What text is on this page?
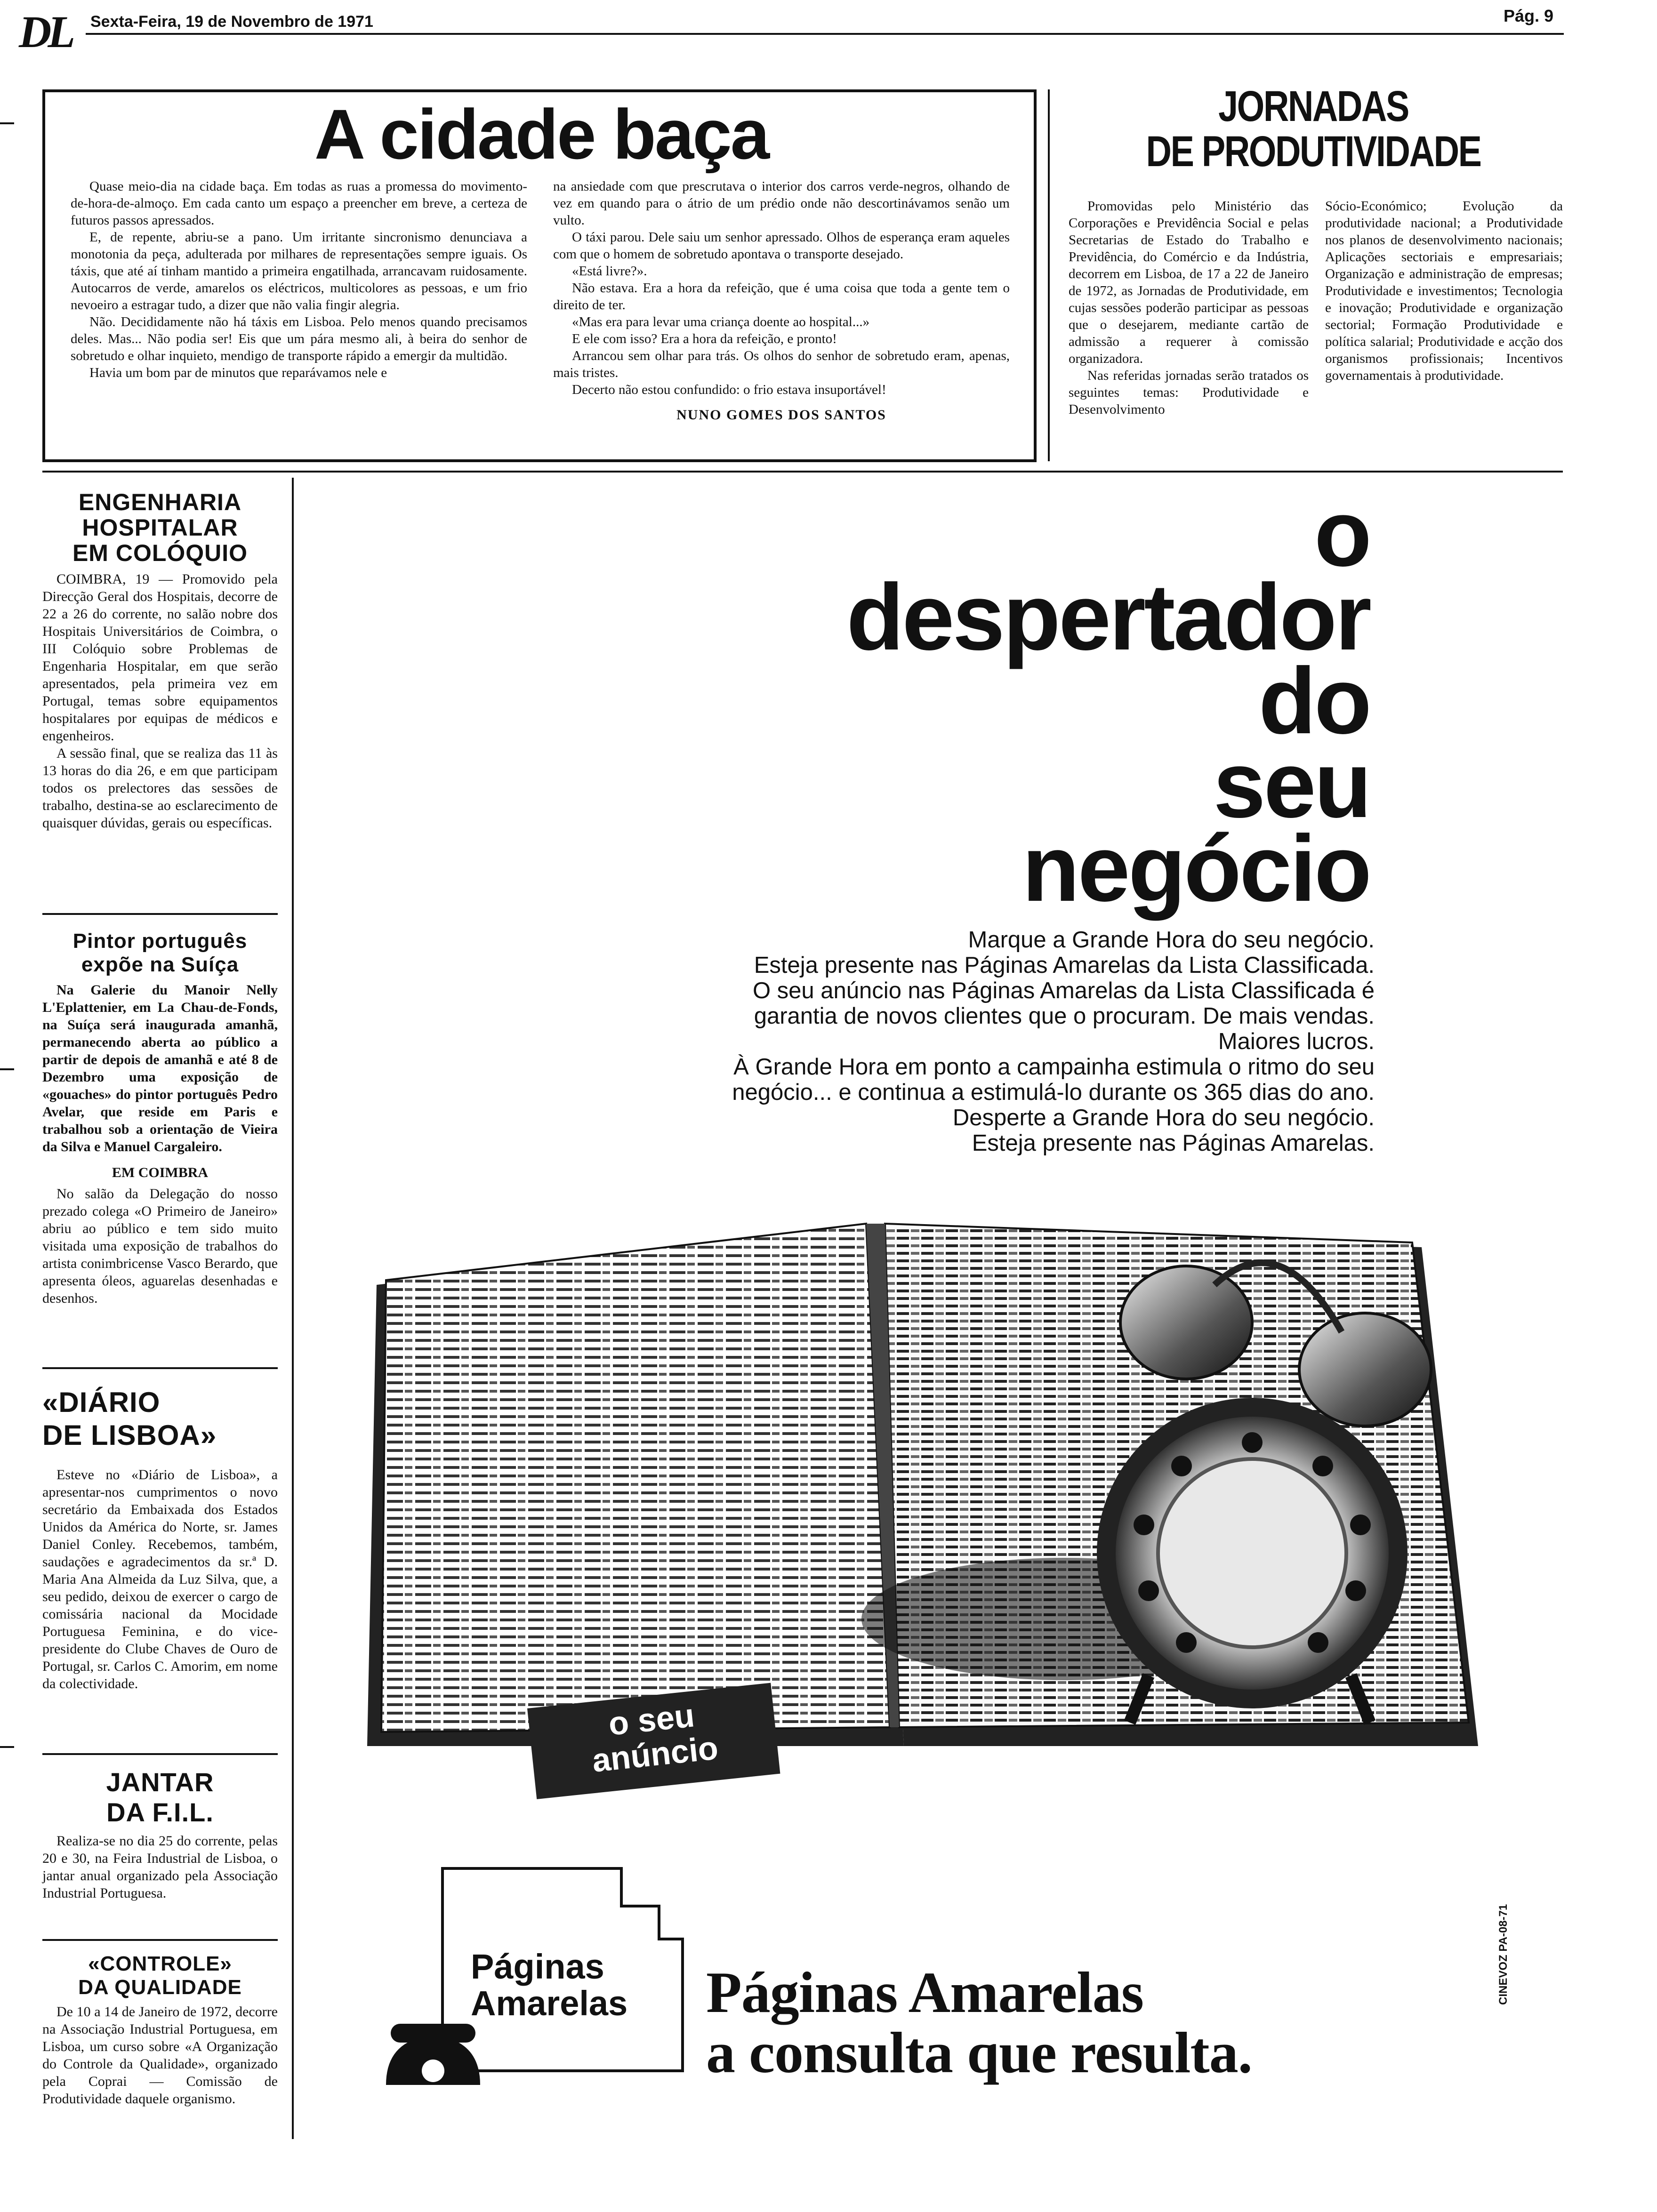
DL Sexta-Feira, 19 de Novembro de 1971	Pág. 9
A cidade baça

Quase meio-dia na cidade baça. Em todas as ruas a promessa do movimento-de-hora-de-almoço. Em cada canto um espaço a preencher em breve, a certeza de futuros passos apressados.

E, de repente, abriu-se a pano. Um irritante sincronismo denunciava a monotonia da peça, adulterada por milhares de representações sempre iguais. Os táxis, que até aí tinham mantido a primeira engatilhada, arrancavam ruidosamente. Autocarros de verde, amarelos os eléctricos, multicolores as pessoas, e um frio nevoeiro a estragar tudo, a dizer que não valia fingir alegria.

Não. Decididamente não há táxis em Lisboa. Pelo menos quando precisamos deles. Mas... Não podia ser! Eis que um pára mesmo ali, à beira do senhor de sobretudo e olhar inquieto, mendigo de transporte rápido a emergir da multidão.

Havia um bom par de minutos que reparávamos nele e

na ansiedade com que prescrutava o interior dos carros verde-negros, olhando de vez em quando para o átrio de um prédio onde não descortinávamos senão um vulto.

O táxi parou. Dele saiu um senhor apressado. Olhos de esperança eram aqueles com que o homem de sobretudo apontava o transporte desejado.

«Está livre?».

Não estava. Era a hora da refeição, que é uma coisa que toda a gente tem o direito de ter.

«Mas era para levar uma criança doente ao hospital...»

E ele com isso? Era a hora da refeição, e pronto!

Arrancou sem olhar para trás. Os olhos do senhor de sobretudo eram, apenas, mais tristes.

Decerto não estou confundido: o frio estava insuportável!

NUNO GOMES DOS SANTOS
JORNADAS
DE PRODUTIVIDADE

Promovidas pelo Ministério das Corporações e Previdência Social e pelas Secretarias de Estado do Trabalho e Previdência, do Comércio e da Indústria, decorrem em Lisboa, de 17 a 22 de Janeiro de 1972, as Jornadas de Produtividade, em cujas sessões poderão participar as pessoas que o desejarem, mediante cartão de admissão a requerer à comissão organizadora.

Nas referidas jornadas serão tratados os seguintes temas: Produtividade e Desenvolvimento

Sócio-Económico; Evolução da produtividade nacional; a Produtividade nos planos de desenvolvimento nacionais; Aplicações sectoriais e empresariais; Organização e administração de empresas; Produtividade e investimentos; Tecnologia e inovação; Produtividade e organização sectorial; Formação Produtividade e política salarial; Produtividade e acção dos organismos profissionais; Incentivos governamentais à produtividade.

ENGENHARIA
HOSPITALAR
EM COLÓQUIO

COIMBRA, 19 — Promovido pela Direcção Geral dos Hospitais, decorre de 22 a 26 do corrente, no salão nobre dos Hospitais Universitários de Coimbra, o III Colóquio sobre Problemas de Engenharia Hospitalar, em que serão apresentados, pela primeira vez em Portugal, temas sobre equipamentos hospitalares por equipas de médicos e engenheiros.

A sessão final, que se realiza das 11 às 13 horas do dia 26, e em que participam todos os prelectores das sessões de trabalho, destina-se ao esclarecimento de quaisquer dúvidas, gerais ou específicas.

Pintor português
expõe na Suíça

Na Galerie du Manoir Nelly L'Eplattenier, em La Chau-de-Fonds, na Suíça será inaugurada amanhã, permanecendo aberta ao público a partir de depois de amanhã e até 8 de Dezembro uma exposição de «gouaches» do pintor português Pedro Avelar, que reside em Paris e trabalhou sob a orientação de Vieira da Silva e Manuel Cargaleiro.

EM COIMBRA

No salão da Delegação do nosso prezado colega «O Primeiro de Janeiro» abriu ao público e tem sido muito visitada uma exposição de trabalhos do artista conimbricense Vasco Berardo, que apresenta óleos, aguarelas desenhadas e desenhos.

«DIÁRIO
DE LISBOA»

Esteve no «Diário de Lisboa», a apresentar-nos cumprimentos o novo secretário da Embaixada dos Estados Unidos da América do Norte, sr. James Daniel Conley. Recebemos, também, saudações e agradecimentos da sr.ª D. Maria Ana Almeida da Luz Silva, que, a seu pedido, deixou de exercer o cargo de comissária nacional da Mocidade Portuguesa Feminina, e do vice-presidente do Clube Chaves de Ouro de Portugal, sr. Carlos C. Amorim, em nome da colectividade.

JANTAR
DA F.I.L.

Realiza-se no dia 25 do corrente, pelas 20 e 30, na Feira Industrial de Lisboa, o jantar anual organizado pela Associação Industrial Portuguesa.

«CONTROLE»
DA QUALIDADE

De 10 a 14 de Janeiro de 1972, decorre na Associação Industrial Portuguesa, em Lisboa, um curso sobre «A Organização do Controle da Qualidade», organizado pela Coprai — Comissão de Produtividade daquele organismo.

o
despertador
do
seu
negócio
Marque a Grande Hora do seu negócio.
Esteja presente nas Páginas Amarelas da Lista Classificada.
O seu anúncio nas Páginas Amarelas da Lista Classificada é
garantia de novos clientes que o procuram. De mais vendas.
Maiores lucros.
À Grande Hora em ponto a campainha estimula o ritmo do seu
negócio... e continua a estimulá-lo durante os 365 dias do ano.
Desperte a Grande Hora do seu negócio.
Esteja presente nas Páginas Amarelas.
o seu
anúncio
Páginas
Amarelas	Páginas Amarelas
a consulta que resulta.
CINEVOZ PA-08-71
